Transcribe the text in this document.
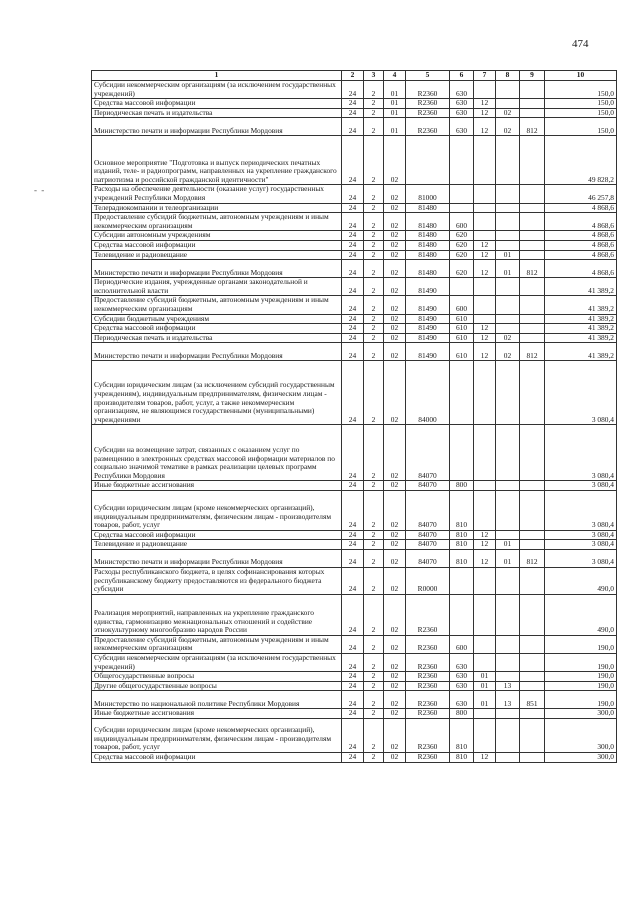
474
- -
1	2	3	4	5	6	7	8	9	10
Субсидии некоммерческим организациям (за исключением государственных учреждений)	24	2	01	R2360	630				150,0
Средства массовой информации	24	2	01	R2360	630	12			150,0
Периодическая печать и издательства	24	2	01	R2360	630	12	02		150,0
Министерство печати и информации Республики Мордовия	24	2	01	R2360	630	12	02	812	150,0
Основное мероприятие "Подготовка и выпуск периодических печатных изданий, теле- и радиопрограмм, направленных на укрепление гражданского патриотизма и российской гражданской идентичности"	24	2	02						49 828,2
Расходы на обеспечение деятельности (оказание услуг) государственных учреждений Республики Мордовия	24	2	02	81000					46 257,8
Телерадиокомпании и телеорганизации	24	2	02	81480					4 868,6
Предоставление субсидий бюджетным, автономным учреждениям и иным некоммерческим организациям	24	2	02	81480	600				4 868,6
Субсидии автономным учреждениям	24	2	02	81480	620				4 868,6
Средства массовой информации	24	2	02	81480	620	12			4 868,6
Телевидение и радиовещание	24	2	02	81480	620	12	01		4 868,6
Министерство печати и информации Республики Мордовия	24	2	02	81480	620	12	01	812	4 868,6
Периодические издания, учрежденные органами законодательной и исполнительной власти	24	2	02	81490					41 389,2
Предоставление субсидий бюджетным, автономным учреждениям и иным некоммерческим организациям	24	2	02	81490	600				41 389,2
Субсидии бюджетным учреждениям	24	2	02	81490	610				41 389,2
Средства массовой информации	24	2	02	81490	610	12			41 389,2
Периодическая печать и издательства	24	2	02	81490	610	12	02		41 389,2
Министерство печати и информации Республики Мордовия	24	2	02	81490	610	12	02	812	41 389,2
Субсидии юридическим лицам (за исключением субсидий государственным учреждениям), индивидуальным предпринимателям, физическим лицам - производителям товаров, работ, услуг, а также некоммерческим организациям, не являющимся государственными (муниципальными) учреждениями	24	2	02	84000					3 080,4
Субсидии на возмещение затрат, связанных с оказанием услуг по размещению в электронных средствах массовой информации материалов по социально значимой тематике в рамках реализации целевых программ Республики Мордовия	24	2	02	84070					3 080,4
Иные бюджетные ассигнования	24	2	02	84070	800				3 080,4
Субсидии юридическим лицам (кроме некоммерческих организаций), индивидуальным предпринимателям, физическим лицам - производителям товаров, работ, услуг	24	2	02	84070	810				3 080,4
Средства массовой информации	24	2	02	84070	810	12			3 080,4
Телевидение и радиовещание	24	2	02	84070	810	12	01		3 080,4
Министерство печати и информации Республики Мордовия	24	2	02	84070	810	12	01	812	3 080,4
Расходы республиканского бюджета, в целях софинансирования которых республиканскому бюджету предоставляются из федерального бюджета субсидии	24	2	02	R0000					490,0
Реализация мероприятий, направленных на укрепление гражданского единства, гармонизацию межнациональных отношений и содействие этнокультурному многообразию народов России	24	2	02	R2360					490,0
Предоставление субсидий бюджетным, автономным учреждениям и иным некоммерческим организациям	24	2	02	R2360	600				190,0
Субсидии некоммерческим организациям (за исключением государственных учреждений)	24	2	02	R2360	630				190,0
Общегосударственные вопросы	24	2	02	R2360	630	01			190,0
Другие общегосударственные вопросы	24	2	02	R2360	630	01	13		190,0
Министерство по национальной политике Республики Мордовия	24	2	02	R2360	630	01	13	851	190,0
Иные бюджетные ассигнования	24	2	02	R2360	800				300,0
Субсидии юридическим лицам (кроме некоммерческих организаций), индивидуальным предпринимателям, физическим лицам - производителям товаров, работ, услуг	24	2	02	R2360	810				300,0
Средства массовой информации	24	2	02	R2360	810	12			300,0
